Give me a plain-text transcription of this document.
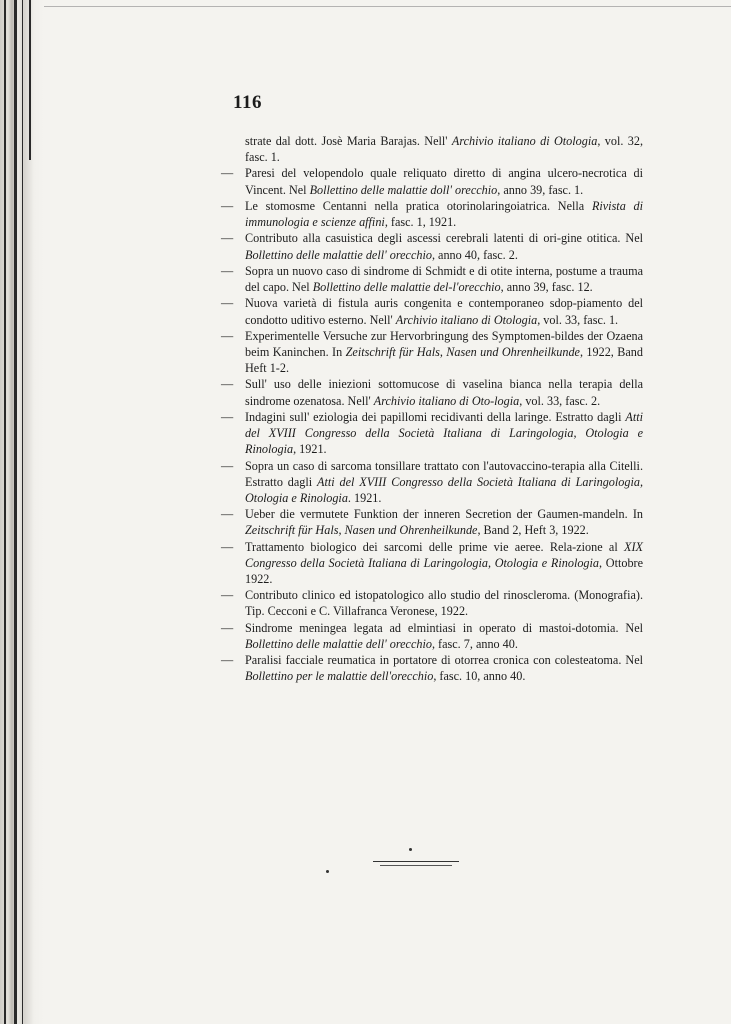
116
strate dal dott. Josè Maria Barajas. Nell' Archivio italiano di Otologia, vol. 32, fasc. 1.
— Paresi del velopendolo quale reliquato diretto di angina ulcero-necrotica di Vincent. Nel Bollettino delle malattie doll' orecchio, anno 39, fasc. 1.
— Le stomosme Centanni nella pratica otorinolaringoiatrica. Nella Rivista di immunologia e scienze affini, fasc. 1, 1921.
— Contributo alla casuistica degli ascessi cerebrali latenti di ori-gine otitica. Nel Bollettino delle malattie dell' orecchio, anno 40, fasc. 2.
— Sopra un nuovo caso di sindrome di Schmidt e di otite interna, postume a trauma del capo. Nel Bollettino delle malattie del-l'orecchio, anno 39, fasc. 12.
— Nuova varietà di fistula auris congenita e contemporaneo sdop-piamento del condotto uditivo esterno. Nell' Archivio italiano di Otologia, vol. 33, fasc. 1.
— Experimentelle Versuche zur Hervorbringung des Symptomen-bildes der Ozaena beim Kaninchen. In Zeitschrift für Hals, Nasen und Ohrenheilkunde, 1922, Band Heft 1-2.
— Sull' uso delle iniezioni sottomucose di vaselina bianca nella terapia della sindrome ozenatosa. Nell' Archivio italiano di Oto-logia, vol. 33, fasc. 2.
— Indagini sull' eziologia dei papillomi recidivanti della laringe. Estratto dagli Atti del XVIII Congresso della Società Italiana di Laringologia, Otologia e Rinologia, 1921.
— Sopra un caso di sarcoma tonsillare trattato con l'autovaccino-terapia alla Citelli. Estratto dagli Atti del XVIII Congresso della Società Italiana di Laringologia, Otologia e Rinologia. 1921.
— Ueber die vermutete Funktion der inneren Secretion der Gaumen-mandeln. In Zeitschrift für Hals, Nasen und Ohrenheilkunde, Band 2, Heft 3, 1922.
— Trattamento biologico dei sarcomi delle prime vie aeree. Rela-zione al XIX Congresso della Società Italiana di Laringologia, Otologia e Rinologia, Ottobre 1922.
— Contributo clinico ed istopatologico allo studio del rinoscleroma. (Monografia). Tip. Cecconi e C. Villafranca Veronese, 1922.
— Sindrome meningea legata ad elmintiasi in operato di mastoi-dotomia. Nel Bollettino delle malattie dell' orecchio, fasc. 7, anno 40.
— Paralisi facciale reumatica in portatore di otorrea cronica con colesteatoma. Nel Bollettino per le malattie dell'orecchio, fasc. 10, anno 40.
